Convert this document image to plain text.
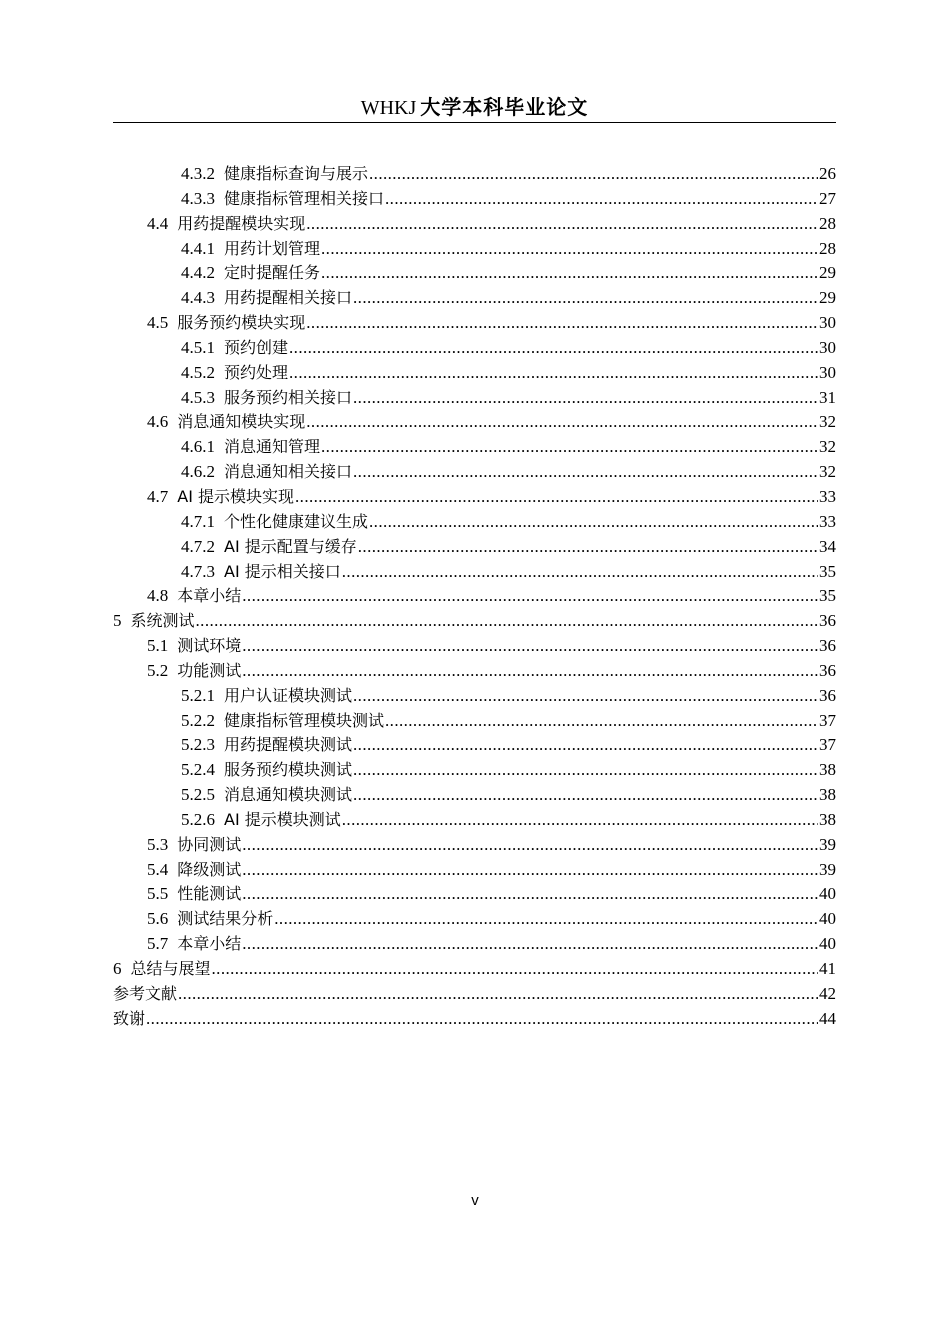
WHKJ 大学本科毕业论文
4.3.2 健康指标查询与展示 .....	26
4.3.3 健康指标管理相关接口 .....	27
4.4 用药提醒模块实现 .....	28
4.4.1 用药计划管理 .....	28
4.4.2 定时提醒任务 .....	29
4.4.3 用药提醒相关接口 .....	29
4.5 服务预约模块实现 .....	30
4.5.1 预约创建 .....	30
4.5.2 预约处理 .....	30
4.5.3 服务预约相关接口 .....	31
4.6 消息通知模块实现 .....	32
4.6.1 消息通知管理 .....	32
4.6.2 消息通知相关接口 .....	32
4.7 AI 提示模块实现 .....	33
4.7.1 个性化健康建议生成 .....	33
4.7.2 AI 提示配置与缓存 .....	34
4.7.3 AI 提示相关接口 .....	35
4.8 本章小结 .....	35
5 系统测试 .....	36
5.1 测试环境 .....	36
5.2 功能测试 .....	36
5.2.1 用户认证模块测试 .....	36
5.2.2 健康指标管理模块测试 .....	37
5.2.3 用药提醒模块测试 .....	37
5.2.4 服务预约模块测试 .....	38
5.2.5 消息通知模块测试 .....	38
5.2.6 AI 提示模块测试 .....	38
5.3 协同测试 .....	39
5.4 降级测试 .....	39
5.5 性能测试 .....	40
5.6 测试结果分析 .....	40
5.7 本章小结 .....	40
6 总结与展望 .....	41
参考文献 .....	42
致谢 .....	44
v
